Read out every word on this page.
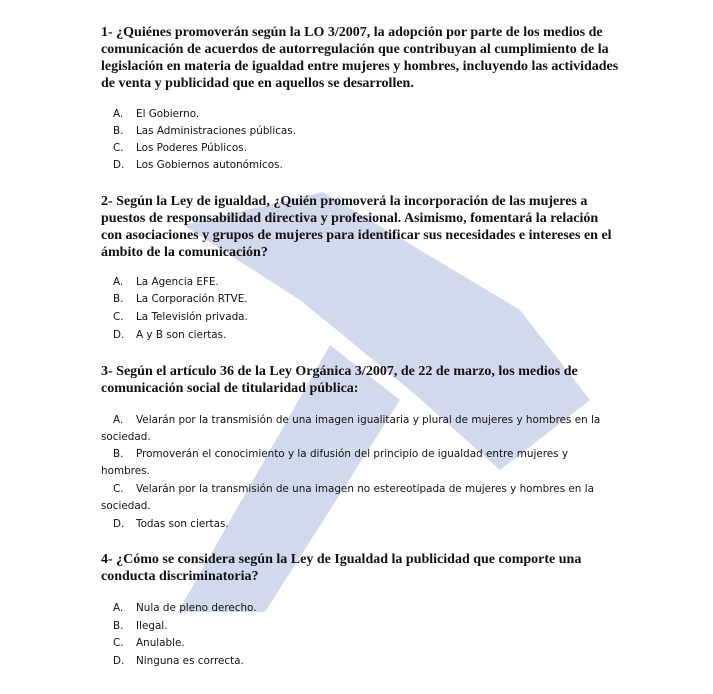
1- ¿Quiénes promoverán según la LO 3/2007, la adopción por parte de los medios de comunicación de acuerdos de autorregulación que contribuyan al cumplimiento de la legislación en materia de igualdad entre mujeres y hombres, incluyendo las actividades de venta y publicidad que en aquellos se desarrollen.

A. El Gobierno.
B. Las Administraciones públicas.
C. Los Poderes Públicos.
D. Los Gobiernos autonómicos.

2- Según la Ley de igualdad, ¿Quién promoverá la incorporación de las mujeres a puestos de responsabilidad directiva y profesional. Asimismo, fomentará la relación con asociaciones y grupos de mujeres para identificar sus necesidades e intereses en el ámbito de la comunicación?

A. La Agencia EFE.
B. La Corporación RTVE.
C. La Televisión privada.
D. A y B son ciertas.

3- Según el artículo 36 de la Ley Orgánica 3/2007, de 22 de marzo, los medios de comunicación social de titularidad pública:

A. Velarán por la transmisión de una imagen igualitaria y plural de mujeres y hombres en la sociedad.
B. Promoverán el conocimiento y la difusión del principio de igualdad entre mujeres y hombres.
C. Velarán por la transmisión de una imagen no estereotipada de mujeres y hombres en la sociedad.
D. Todas son ciertas.

4- ¿Cómo se considera según la Ley de Igualdad la publicidad que comporte una conducta discriminatoria?

A. Nula de pleno derecho.
B. Ilegal.
C. Anulable.
D. Ninguna es correcta.
